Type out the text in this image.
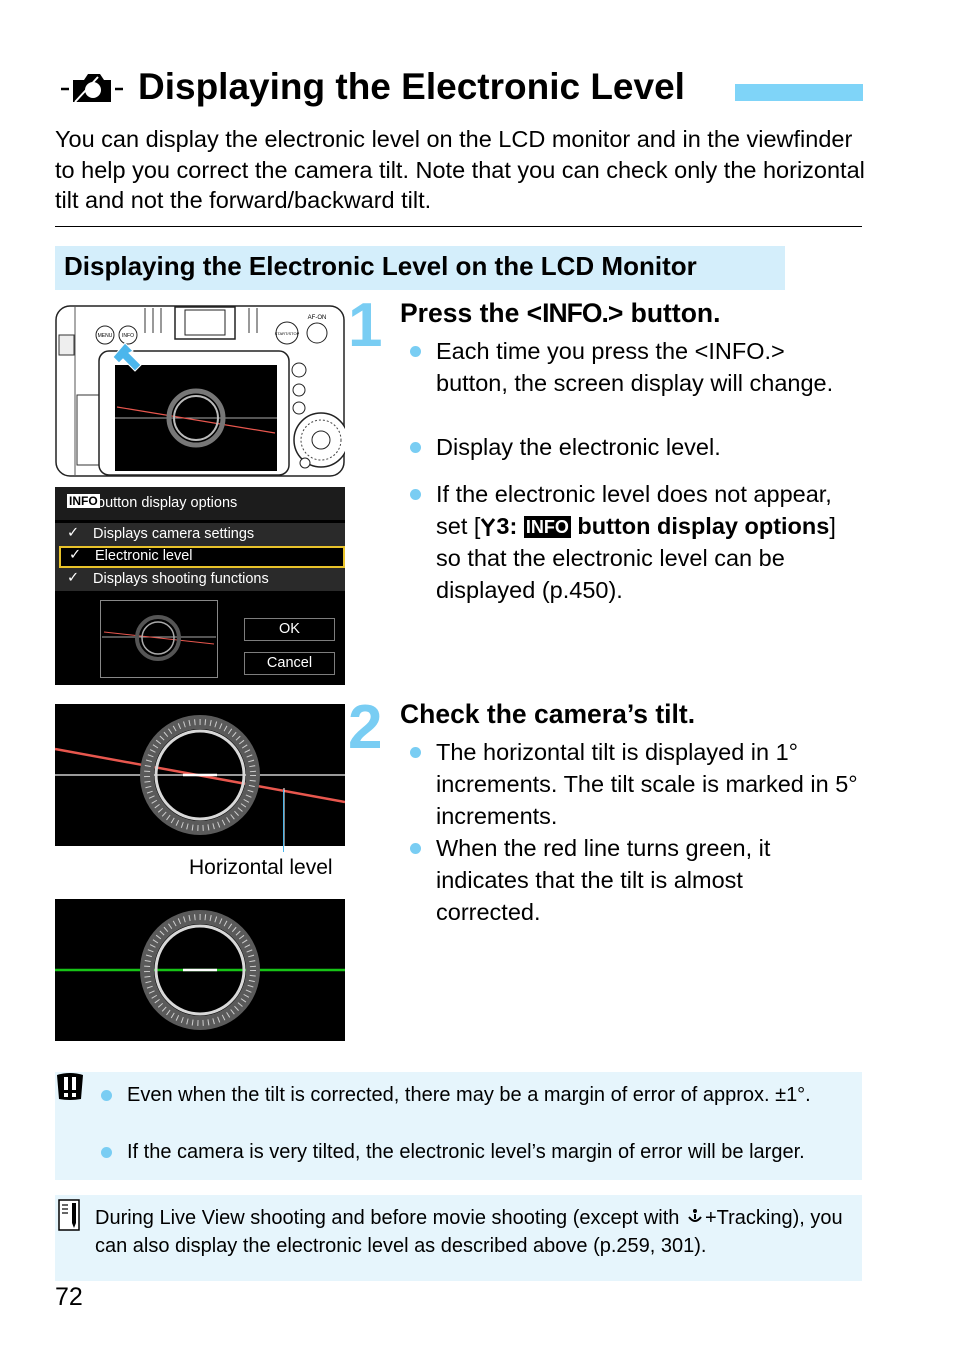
Displaying the Electronic Level
You can display the electronic level on the LCD monitor and in the viewfinder to help you correct the camera tilt. Note that you can check only the horizontal tilt and not the forward/backward tilt.
Displaying the Electronic Level on the LCD Monitor
MENU INFO	START/STOP
AF-ON
INFO button display options
✓ Displays camera settings
✓ Electronic level
✓ Displays shooting functions
OK
Cancel
1 Press the <INFO.> button.
Each time you press the <INFO.> button, the screen display will change.
Display the electronic level.
If the electronic level does not appear, set [ 3: INFO button display options] so that the electronic level can be displayed (p.450).
Horizontal level
2 Check the camera’s tilt.
The horizontal tilt is displayed in 1° increments. The tilt scale is marked in 5° increments.
When the red line turns green, it indicates that the tilt is almost corrected.
Even when the tilt is corrected, there may be a margin of error of approx. ±1°.
If the camera is very tilted, the electronic level’s margin of error will be larger.
During Live View shooting and before movie shooting (except with +Tracking), you can also display the electronic level as described above (p.259, 301).
72
